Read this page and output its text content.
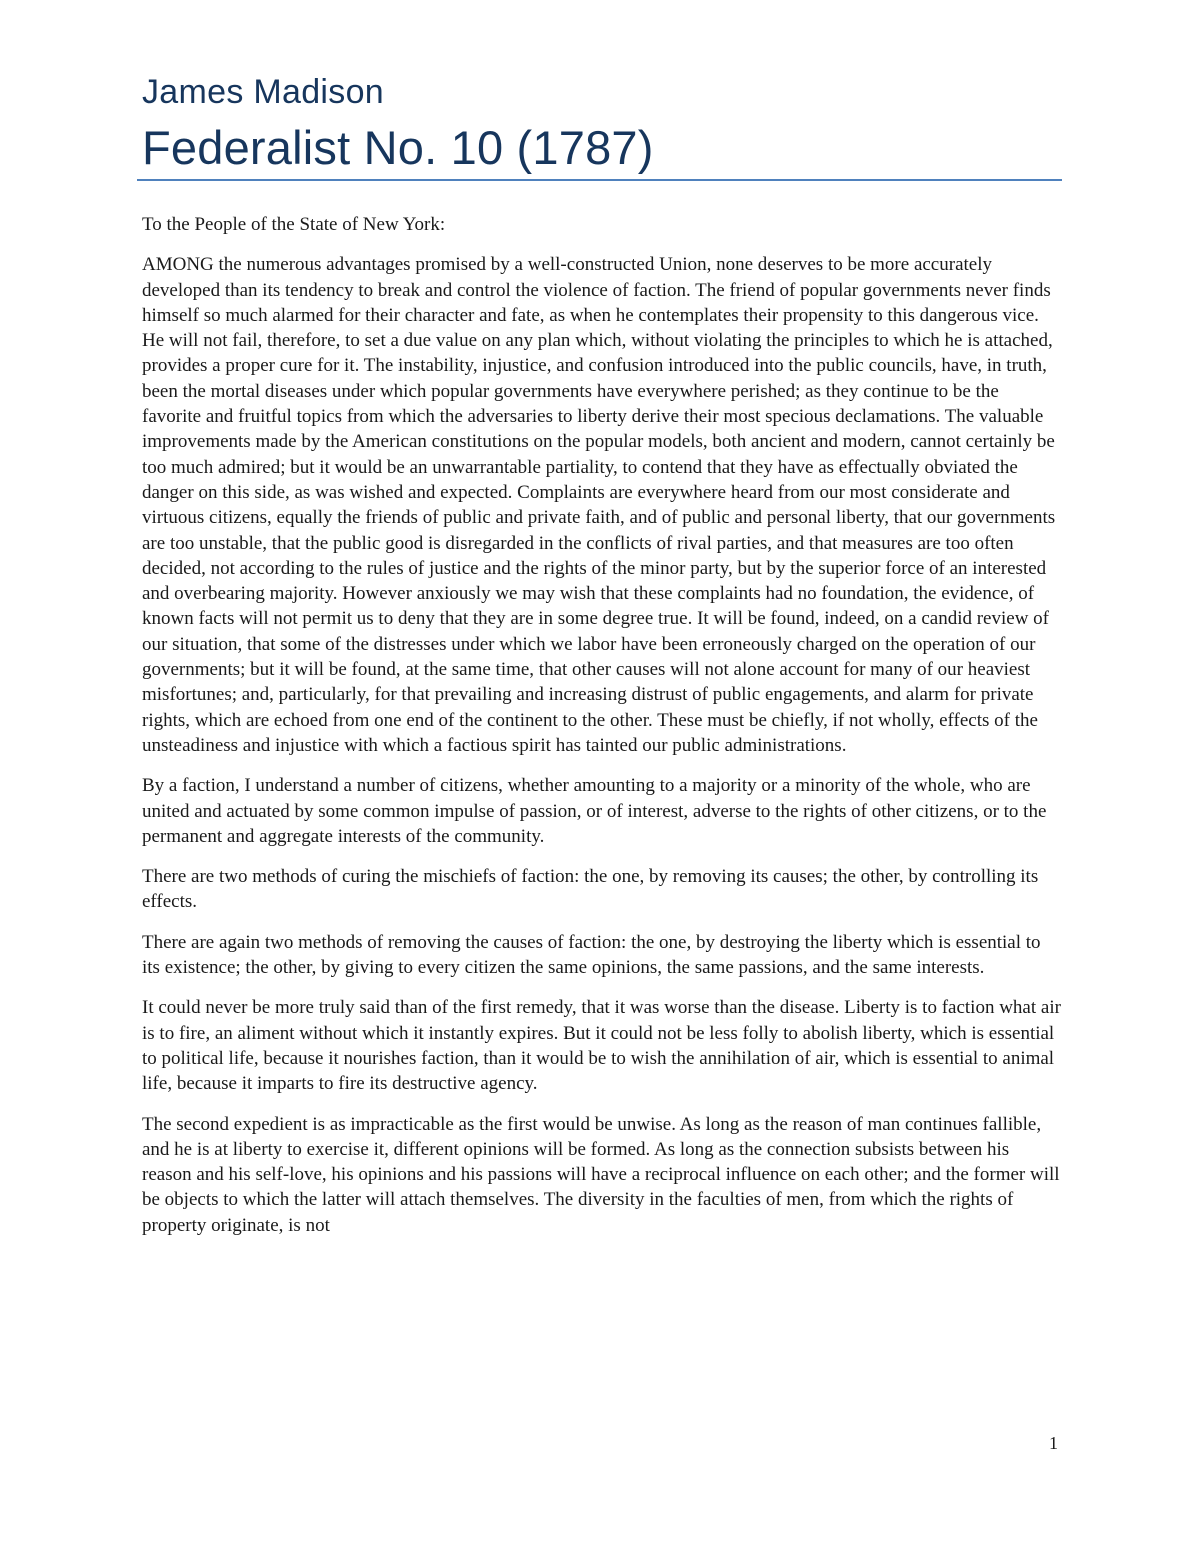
James Madison
Federalist No. 10 (1787)

To the People of the State of New York:

AMONG the numerous advantages promised by a well-constructed Union, none deserves to be more accurately developed than its tendency to break and control the violence of faction. The friend of popular governments never finds himself so much alarmed for their character and fate, as when he contemplates their propensity to this dangerous vice. He will not fail, therefore, to set a due value on any plan which, without violating the principles to which he is attached, provides a proper cure for it. The instability, injustice, and confusion introduced into the public councils, have, in truth, been the mortal diseases under which popular governments have everywhere perished; as they continue to be the favorite and fruitful topics from which the adversaries to liberty derive their most specious declamations. The valuable improvements made by the American constitutions on the popular models, both ancient and modern, cannot certainly be too much admired; but it would be an unwarrantable partiality, to contend that they have as effectually obviated the danger on this side, as was wished and expected. Complaints are everywhere heard from our most considerate and virtuous citizens, equally the friends of public and private faith, and of public and personal liberty, that our governments are too unstable, that the public good is disregarded in the conflicts of rival parties, and that measures are too often decided, not according to the rules of justice and the rights of the minor party, but by the superior force of an interested and overbearing majority. However anxiously we may wish that these complaints had no foundation, the evidence, of known facts will not permit us to deny that they are in some degree true. It will be found, indeed, on a candid review of our situation, that some of the distresses under which we labor have been erroneously charged on the operation of our governments; but it will be found, at the same time, that other causes will not alone account for many of our heaviest misfortunes; and, particularly, for that prevailing and increasing distrust of public engagements, and alarm for private rights, which are echoed from one end of the continent to the other. These must be chiefly, if not wholly, effects of the unsteadiness and injustice with which a factious spirit has tainted our public administrations.

By a faction, I understand a number of citizens, whether amounting to a majority or a minority of the whole, who are united and actuated by some common impulse of passion, or of interest, adverse to the rights of other citizens, or to the permanent and aggregate interests of the community.

There are two methods of curing the mischiefs of faction: the one, by removing its causes; the other, by controlling its effects.

There are again two methods of removing the causes of faction: the one, by destroying the liberty which is essential to its existence; the other, by giving to every citizen the same opinions, the same passions, and the same interests.

It could never be more truly said than of the first remedy, that it was worse than the disease. Liberty is to faction what air is to fire, an aliment without which it instantly expires. But it could not be less folly to abolish liberty, which is essential to political life, because it nourishes faction, than it would be to wish the annihilation of air, which is essential to animal life, because it imparts to fire its destructive agency.

The second expedient is as impracticable as the first would be unwise. As long as the reason of man continues fallible, and he is at liberty to exercise it, different opinions will be formed. As long as the connection subsists between his reason and his self-love, his opinions and his passions will have a reciprocal influence on each other; and the former will be objects to which the latter will attach themselves. The diversity in the faculties of men, from which the rights of property originate, is not

1
